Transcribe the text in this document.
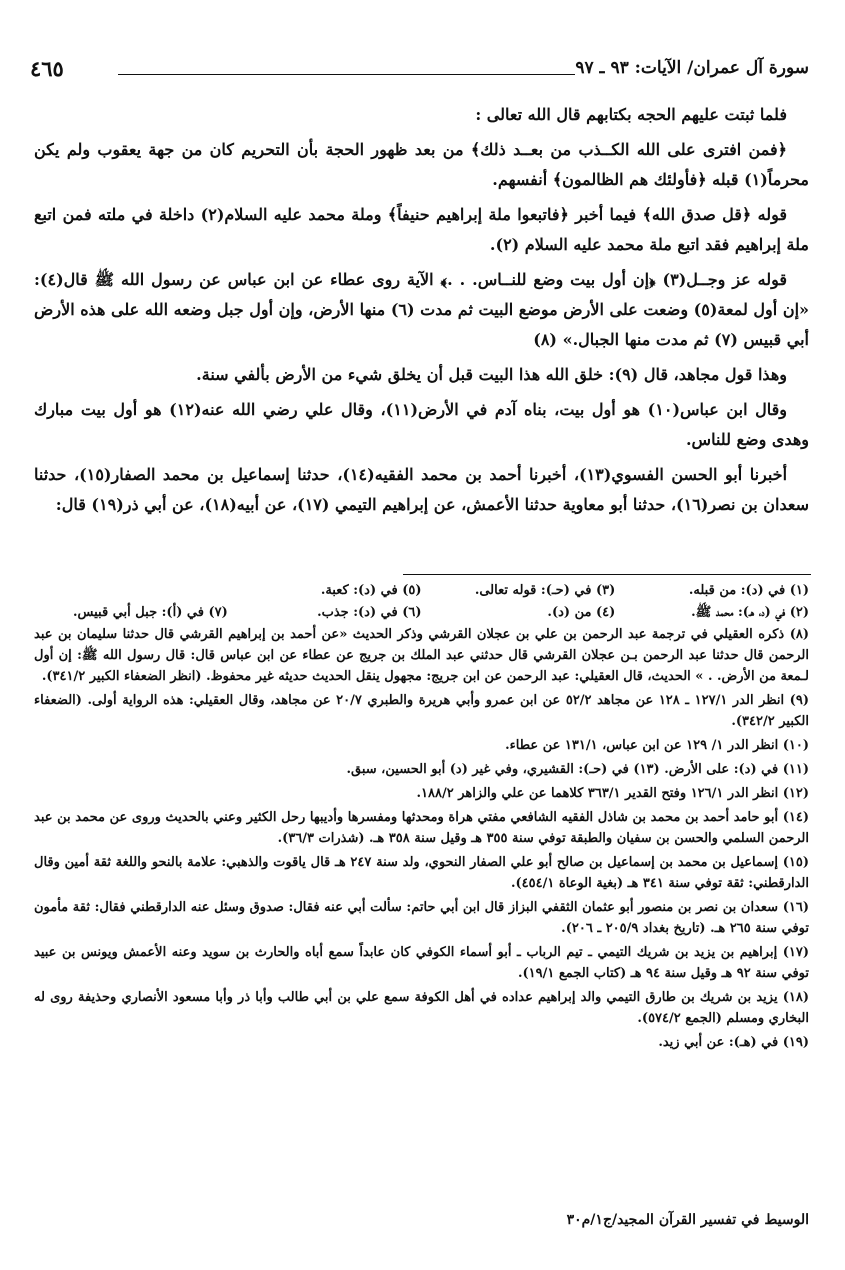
سورة آل عمران/ الآيات: ٩٣ ـ ٩٧
٤٦٥

فلما ثبتت عليهم الحجه بكتابهم قال الله تعالى :

﴿فمن افترى على الله الكــذب من بعــد ذلك﴾ من بعد ظهور الحجة بأن التحريم كان من جهة يعقوب ولم يكن محرماً(١) قبله ﴿فأولئك هم الظالمون﴾ أنفسهم.

قوله ﴿قل صدق الله﴾ فيما أخبر ﴿فاتبعوا ملة إبراهيم حنيفاً﴾ وملة محمد عليه السلام(٢) داخلة في ملته فمن اتبع ملة إبراهيم فقد اتبع ملة محمد عليه السلام (٢).

قوله عز وجــل(٣) ﴿إن أول بيت وضع للنــاس. . .﴾ الآية روى عطاء عن ابن عباس عن رسول الله ﷺ قال(٤): «إن أول لمعة(٥) وضعت على الأرض موضع البيت ثم مدت (٦) منها الأرض، وإن أول جبل وضعه الله على هذه الأرض أبي قبيس (٧) ثم مدت منها الجبال.» (٨)

وهذا قول مجاهد، قال (٩): خلق الله هذا البيت قبل أن يخلق شيء من الأرض بألفي سنة.

وقال ابن عباس(١٠) هو أول بيت، بناه آدم في الأرض(١١)، وقال علي رضي الله عنه(١٢) هو أول بيت مبارك وهدى وضع للناس.

أخبرنا أبو الحسن الفسوي(١٣)، أخبرنا أحمد بن محمد الفقيه(١٤)، حدثنا إسماعيل بن محمد الصفار(١٥)، حدثنا سعدان بن نصر(١٦)، حدثنا أبو معاوية حدثنا الأعمش، عن إبراهيم التيمي (١٧)، عن أبيه(١٨)، عن أبي ذر(١٩) قال:

(١) في (د): من قبله.
(٣) في (حـ): قوله تعالى.
(٥) في (د): كعبة.
(٢) في (د، هـ): محمد ﷺ.
(٤) من (د).
(٦) في (د): جذب.
(٧) في (أ): جبل أبي قبيس.

(٨) ذكره العقيلي في ترجمة عبد الرحمن بن علي بن عجلان القرشي وذكر الحديث «عن أحمد بن إبراهيم القرشي قال حدثنا سليمان بن عبد الرحمن قال حدثنا عبد الرحمن بـن عجلان القرشي قال حدثني عبد الملك بن جريج عن عطاء عن ابن عباس قال: قال رسول الله ﷺ: إن أول لـمعة من الأرض. . » الحديث، قال العقيلي: عبد الرحمن عن ابن جريج: مجهول ينقل الحديث حديثه غير محفوظ. (انظر الضعفاء الكبير ٣٤١/٢).

(٩) انظر الدر ١٢٧/١ ـ ١٢٨ عن مجاهد ٥٢/٢ عن ابن عمرو وأبي هريرة والطبري ٢٠/٧ عن مجاهد، وقال العقيلي: هذه الرواية أولى. (الضعفاء الكبير ٣٤٢/٢).

(١٠) انظر الدر ١/ ١٢٩ عن ابن عباس، ١٣١/١ عن عطاء.

(١١) في (د): على الأرض. (١٣) في (حـ): القشيري، وفي غير (د) أبو الحسين، سبق.

(١٢) انظر الدر ١٢٦/١ وفتح القدير ٣٦٣/١ كلاهما عن علي والزاهر ١٨٨/٢.

(١٤) أبو حامد أحمد بن محمد بن شاذل الفقيه الشافعي مفتي هراة ومحدثها ومفسرها وأديبها رحل الكثير وعني بالحديث وروى عن محمد بن عبد الرحمن السلمي والحسن بن سفيان والطبقة توفي سنة ٣٥٥ هـ وقيل سنة ٣٥٨ هـ. (شذرات ٣٦/٣).

(١٥) إسماعيل بن محمد بن إسماعيل بن صالح أبو علي الصفار النحوي، ولد سنة ٢٤٧ هـ قال ياقوت والذهبي: علامة بالنحو واللغة ثقة أمين وقال الدارقطني: ثقة توفي سنة ٣٤١ هـ (بغية الوعاة ٤٥٤/١).

(١٦) سعدان بن نصر بن منصور أبو عثمان الثقفي البزاز قال ابن أبي حاتم: سألت أبي عنه فقال: صدوق وسئل عنه الدارقطني فقال: ثقة مأمون توفي سنة ٢٦٥ هـ. (تاريخ بغداد ٢٠٥/٩ ـ ٢٠٦).

(١٧) إبراهيم بن يزيد بن شريك التيمي ـ تيم الرباب ـ أبو أسماء الكوفي كان عابداً سمع أباه والحارث بن سويد وعنه الأعمش ويونس بن عبيد توفي سنة ٩٢ هـ وقيل سنة ٩٤ هـ (كتاب الجمع ١٩/١).

(١٨) يزيد بن شريك بن طارق التيمي والد إبراهيم عداده في أهل الكوفة سمع علي بن أبي طالب وأبا ذر وأبا مسعود الأنصاري وحذيفة روى له البخاري ومسلم (الجمع ٥٧٤/٢).

(١٩) في (هـ): عن أبي زيد.

الوسيط في تفسير القرآن المجيد/ج١/م٣٠
